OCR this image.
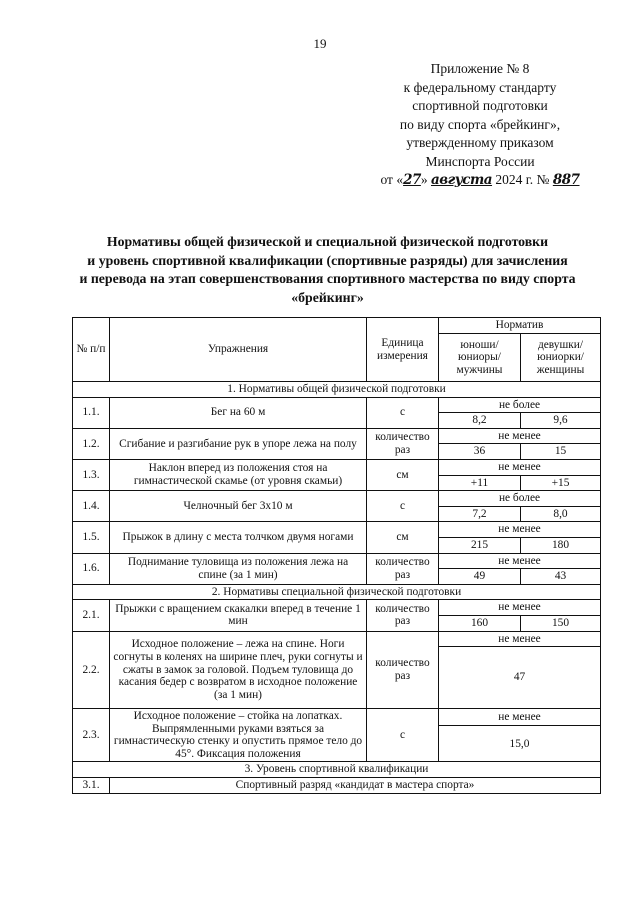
19
Приложение № 8
к федеральному стандарту
спортивной подготовки
по виду спорта «брейкинг»,
утвержденному приказом
Минспорта России
от «27» августа 2024 г. № 887
Нормативы общей физической и специальной физической подготовки
и уровень спортивной квалификации (спортивные разряды) для зачисления
и перевода на этап совершенствования спортивного мастерства по виду спорта
«брейкинг»
№ п/п	Упражнения	Единица измерения	Норматив	
			юноши/ юниоры/ мужчины	девушки/ юниорки/ женщины
1. Нормативы общей физической подготовки				
1.1.	Бег на 60 м	с	не более	
			8,2	9,6
1.2.	Сгибание и разгибание рук в упоре лежа на полу	количество раз	не менее	
			36	15
1.3.	Наклон вперед из положения стоя на гимнастической скамье (от уровня скамьи)	см	не менее	
			+11	+15
1.4.	Челночный бег 3х10 м	с	не более	
			7,2	8,0
1.5.	Прыжок в длину с места толчком двумя ногами	см	не менее	
			215	180
1.6.	Поднимание туловища из положения лежа на спине (за 1 мин)	количество раз	не менее	
			49	43
2. Нормативы специальной физической подготовки				
2.1.	Прыжки с вращением скакалки вперед в течение 1 мин	количество раз	не менее	
			160	150
2.2.	Исходное положение – лежа на спине. Ноги согнуты в коленях на ширине плеч, руки согнуты и сжаты в замок за головой. Подъем туловища до касания бедер с возвратом в исходное положение (за 1 мин)	количество раз	не менее	
			47	
2.3.	Исходное положение – стойка на лопатках. Выпрямленными руками взяться за гимнастическую стенку и опустить прямое тело до 45°. Фиксация положения	с	не менее	
			15,0	
3. Уровень спортивной квалификации				
3.1.	Спортивный разряд «кандидат в мастера спорта»			
